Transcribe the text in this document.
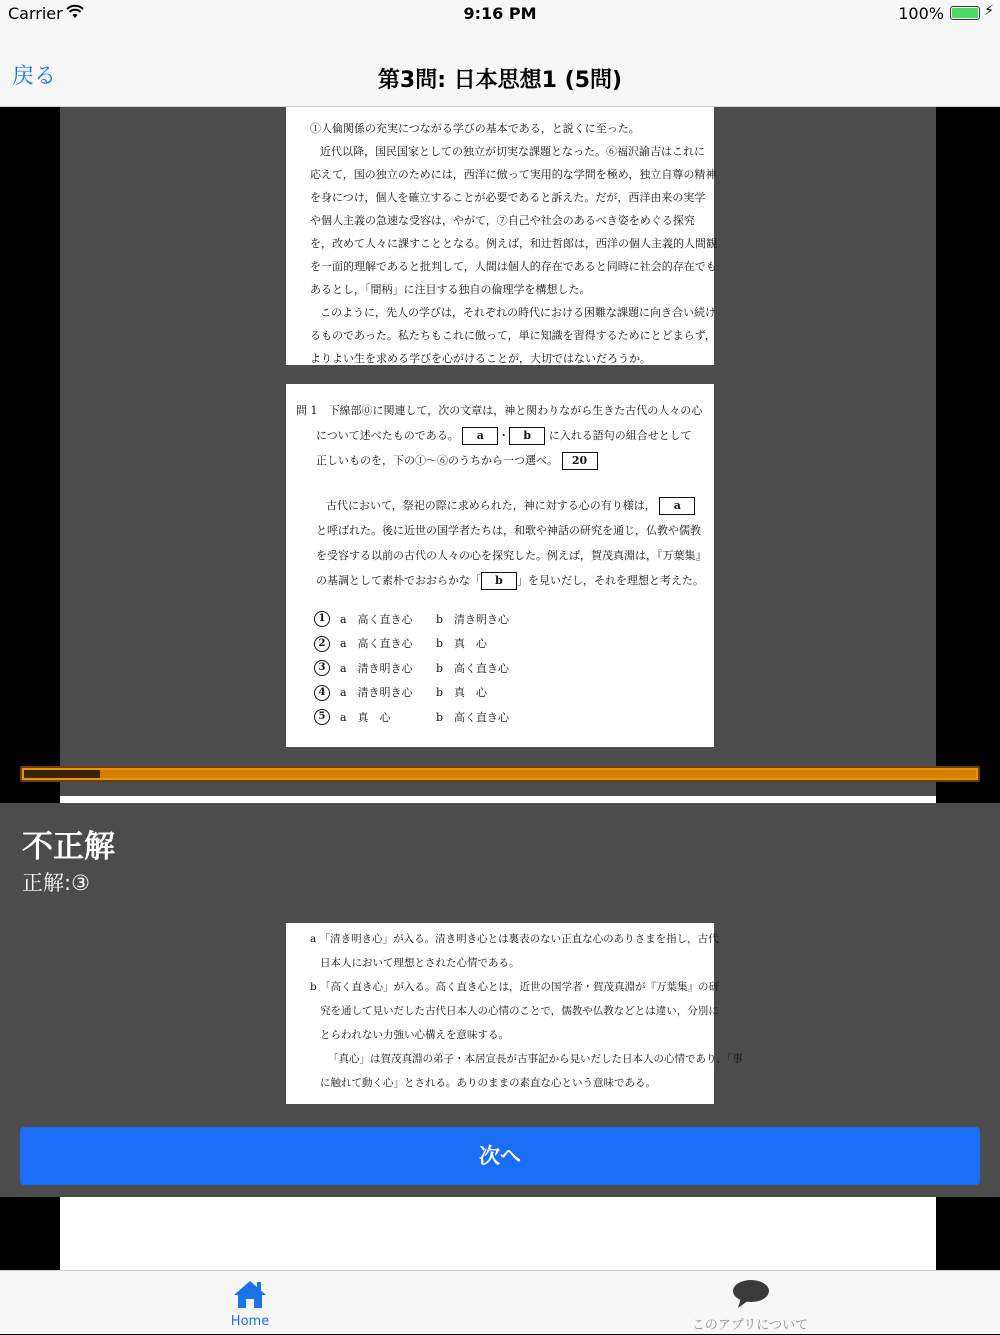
Carrier	9:16 PM	100%	⚡
戻る	第3問: 日本思想1 (5問)

①人倫関係の充実につながる学びの基本である，と説くに至った。

近代以降，国民国家としての独立が切実な課題となった。⑥福沢諭吉はこれに

応えて，国の独立のためには，西洋に倣って実用的な学問を極め，独立自尊の精神

を身につけ，個人を確立することが必要であると訴えた。だが，西洋由来の実学

や個人主義の急速な受容は，やがて，⑦自己や社会のあるべき姿をめぐる探究

を，改めて人々に課すこととなる。例えば，和辻哲郎は，西洋の個人主義的人間観

を一面的理解であると批判して，人間は個人的存在であると同時に社会的存在でも

あるとし，「間柄」に注目する独自の倫理学を構想した。

このように，先人の学びは，それぞれの時代における困難な課題に向き合い続け

るものであった。私たちもこれに倣って，単に知識を習得するためにとどまらず，

よりよい生を求める学びを心がけることが，大切ではないだろうか。

問 1　下線部⓪に関連して，次の文章は，神と関わりながら生きた古代の人々の心

について述べたものである。 a ・ b に入れる語句の組合せとして

正しいものを，下の①～⑥のうちから一つ選べ。 20

古代において，祭祀の際に求められた，神に対する心の有り様は， a

と呼ばれた。後に近世の国学者たちは，和歌や神話の研究を通じ，仏教や儒教

を受容する以前の古代の人々の心を探究した。例えば，賀茂真淵は，『万葉集』

の基調として素朴でおおらかな「 b 」を見いだし，それを理想と考えた。

1	a　高く直き心	b　清き明き心
2	a　高く直き心	b　真　心
3	a　清き明き心	b　高く直き心
4	a　清き明き心	b　真　心
5	a　真　心	b　高く直き心
不正解
正解:③

a 「清き明き心」が入る。清き明き心とは裏表のない正直な心のありさまを指し，古代

日本人において理想とされた心情である。

b 「高く直き心」が入る。高く直き心とは，近世の国学者・賀茂真淵が『万葉集』の研

究を通して見いだした古代日本人の心情のことで，儒教や仏教などとは違い，分別に

とらわれない力強い心構えを意味する。

「真心」は賀茂真淵の弟子・本居宣長が古事記から見いだした日本人の心情であり，「事

に触れて動く心」とされる。ありのままの素直な心という意味である。

次へ
Home	このアプリについて
